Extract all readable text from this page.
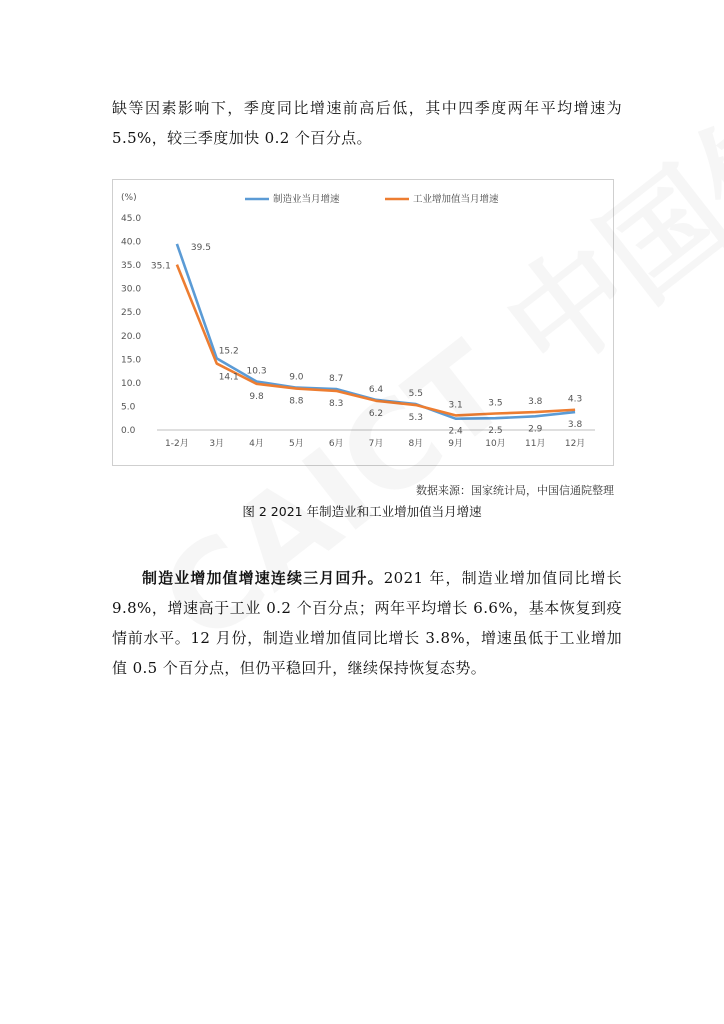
缺等因素影响下，季度同比增速前高后低，其中四季度两年平均增速为 5.5%，较三季度加快 0.2 个百分点。

(%)
0.0
5.0
10.0
15.0
20.0
25.0
30.0
35.0
40.0
45.0
1-2月 3月	4月	5月	6月	7月	8月	9月 10月 11月 12月
制造业当月增速	工业增加值当月增速
39.5
15.2
10.3
9.0	8.7
6.4	5.5
2.4	2.5	2.9	3.8
35.1
14.1
9.8	8.8	8.3
6.2	5.3
3.1	3.5	3.8	4.3
数据来源：国家统计局，中国信通院整理
图 2 2021 年制造业和工业增加值当月增速

制造业增加值增速连续三月回升。2021 年，制造业增加值同比增长 9.8%，增速高于工业 0.2 个百分点；两年平均增长 6.6%，基本恢复到疫情前水平。12 月份，制造业增加值同比增长 3.8%，增速虽低于工业增加值 0.5 个百分点，但仍平稳回升，继续保持恢复态势。
